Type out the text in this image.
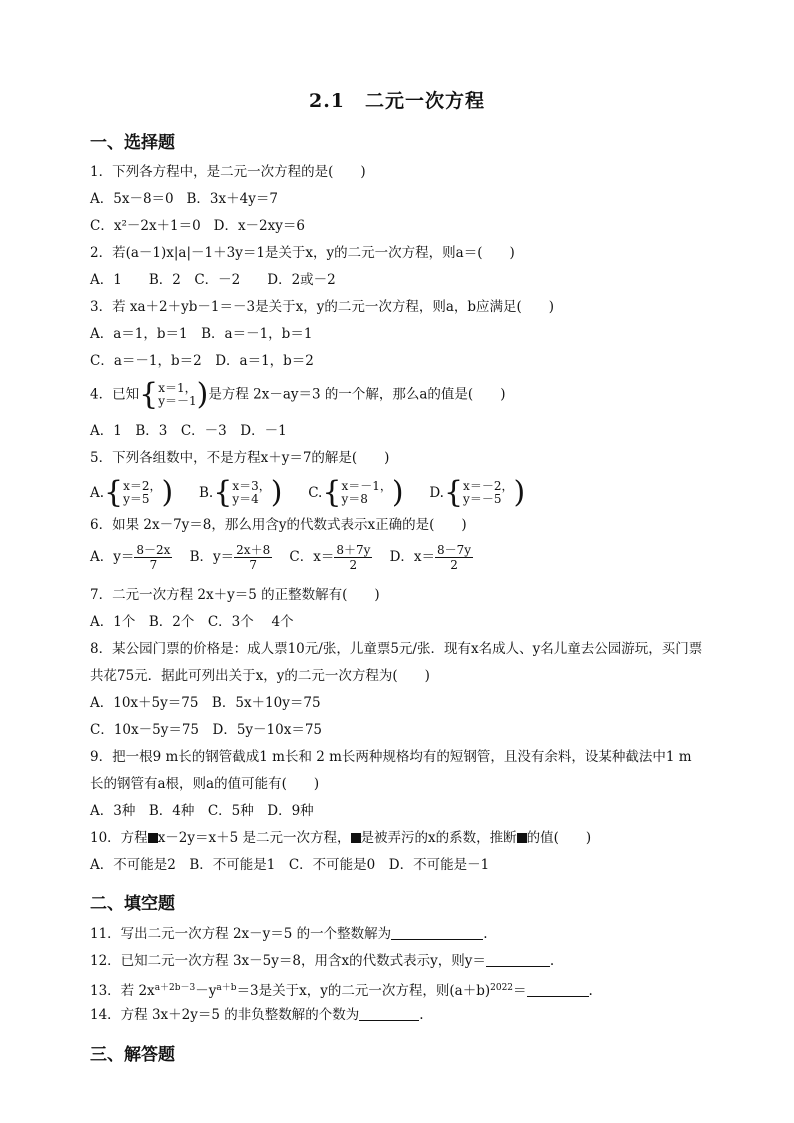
2.1　二元一次方程
一、选择题
1．下列各方程中，是二元一次方程的是(　　)
A．5x－8＝0 B．3x＋4y＝7
C．x²－2x＋1＝0 D．x－2xy＝6
2．若(a－1)x|a|－1＋3y＝1是关于x，y的二元一次方程，则a＝(　　)
A．1　　B．2　C．－2　　D．2或－2
3．若 xa＋2＋yb－1＝－3是关于x，y的二元一次方程，则a，b应满足(　　)
A．a＝1，b＝1　B．a＝－1，b＝1
C．a＝－1，b＝2　D．a＝1，b＝2
4．已知 { x＝1，
y＝－1 ) 是方程 2x－ay＝3 的一个解，那么a的值是(　　)
A．1　B．3　C．－3　D．－1
5．下列各组数中，不是方程x＋y＝7的解是(　　)
A. { x＝2，
y＝5 ) B. { x＝3，
y＝4 ) C. { x＝－1，
y＝8 ) D. { x＝－2，
y＝－5 )
6．如果 2x－7y＝8，那么用含y的代数式表示x正确的是(　　)
A．$y= \frac{8-2x}{7}$ B．$y= \frac{2x+8}{7}$ C．$x= \frac{8+7y}{2}$ D．$x= \frac{8-7y}{2}$
7．二元一次方程 2x＋y＝5 的正整数解有(　　)
A．1个　B．2个　C．3个　 4个
8．某公园门票的价格是：成人票10元/张，儿童票5元/张．现有x名成人、y名儿童去公园游玩，买门票共花75元．据此可列出关于x，y的二元一次方程为(　　)
A．10x＋5y＝75　B．5x＋10y＝75
C．10x－5y＝75　D．5y－10x＝75
9．把一根9 m长的钢管截成1 m长和 2 m长两种规格均有的短钢管，且没有余料，设某种截法中1 m长的钢管有a根，则a的值可能有(　　)
A．3种　B．4种　C．5种　D．9种
10．方程 x－2y＝x＋5 是二元一次方程， 是被弄污的x的系数，推断 的值(　　)
A．不可能是2　B．不可能是1　C．不可能是0　D．不可能是－1
二、填空题
11．写出二元一次方程 2x－y＝5 的一个整数解为	.
12．已知二元一次方程 3x－5y＝8，用含x的代数式表示y，则y＝	.
13．若 $2x^{a+2b-3}-y^{a+b}=3$是关于x，y的二元一次方程，则$(a+b)^{2022}=$	.
14．方程 3x＋2y＝5 的非负整数解的个数为	.
三、解答题
